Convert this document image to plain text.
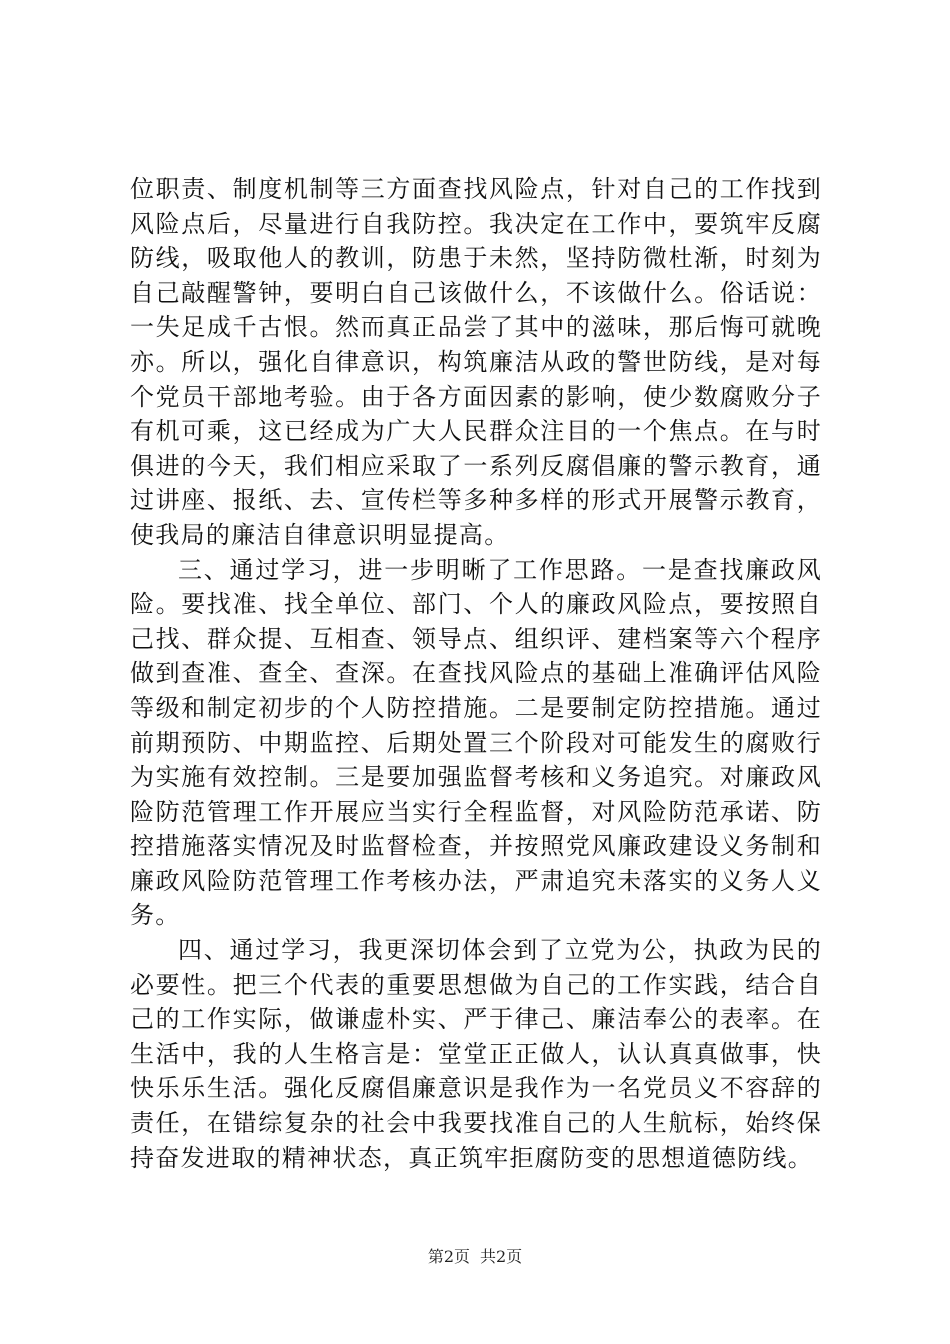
位职责、制度机制等三方面查找风险点，针对自己的工作找到风险点后，尽量进行自我防控。我决定在工作中，要筑牢反腐防线，吸取他人的教训，防患于未然，坚持防微杜渐，时刻为自己敲醒警钟，要明白自己该做什么，不该做什么。俗话说：一失足成千古恨。然而真正品尝了其中的滋味，那后悔可就晚亦。所以，强化自律意识，构筑廉洁从政的警世防线，是对每个党员干部地考验。由于各方面因素的影响，使少数腐败分子有机可乘，这已经成为广大人民群众注目的一个焦点。在与时俱进的今天，我们相应采取了一系列反腐倡廉的警示教育，通过讲座、报纸、去、宣传栏等多种多样的形式开展警示教育，使我局的廉洁自律意识明显提高。

三、通过学习，进一步明晰了工作思路。一是查找廉政风险。要找准、找全单位、部门、个人的廉政风险点，要按照自己找、群众提、互相查、领导点、组织评、建档案等六个程序做到查准、查全、查深。在查找风险点的基础上准确评估风险等级和制定初步的个人防控措施。二是要制定防控措施。通过前期预防、中期监控、后期处置三个阶段对可能发生的腐败行为实施有效控制。三是要加强监督考核和义务追究。对廉政风险防范管理工作开展应当实行全程监督，对风险防范承诺、防控措施落实情况及时监督检查，并按照党风廉政建设义务制和廉政风险防范管理工作考核办法，严肃追究未落实的义务人义务。

四、通过学习，我更深切体会到了立党为公，执政为民的必要性。把三个代表的重要思想做为自己的工作实践，结合自己的工作实际，做谦虚朴实、严于律己、廉洁奉公的表率。在生活中，我的人生格言是：堂堂正正做人，认认真真做事，快快乐乐生活。强化反腐倡廉意识是我作为一名党员义不容辞的责任，在错综复杂的社会中我要找准自己的人生航标，始终保持奋发进取的精神状态，真正筑牢拒腐防变的思想道德防线。

第2页 共2页
